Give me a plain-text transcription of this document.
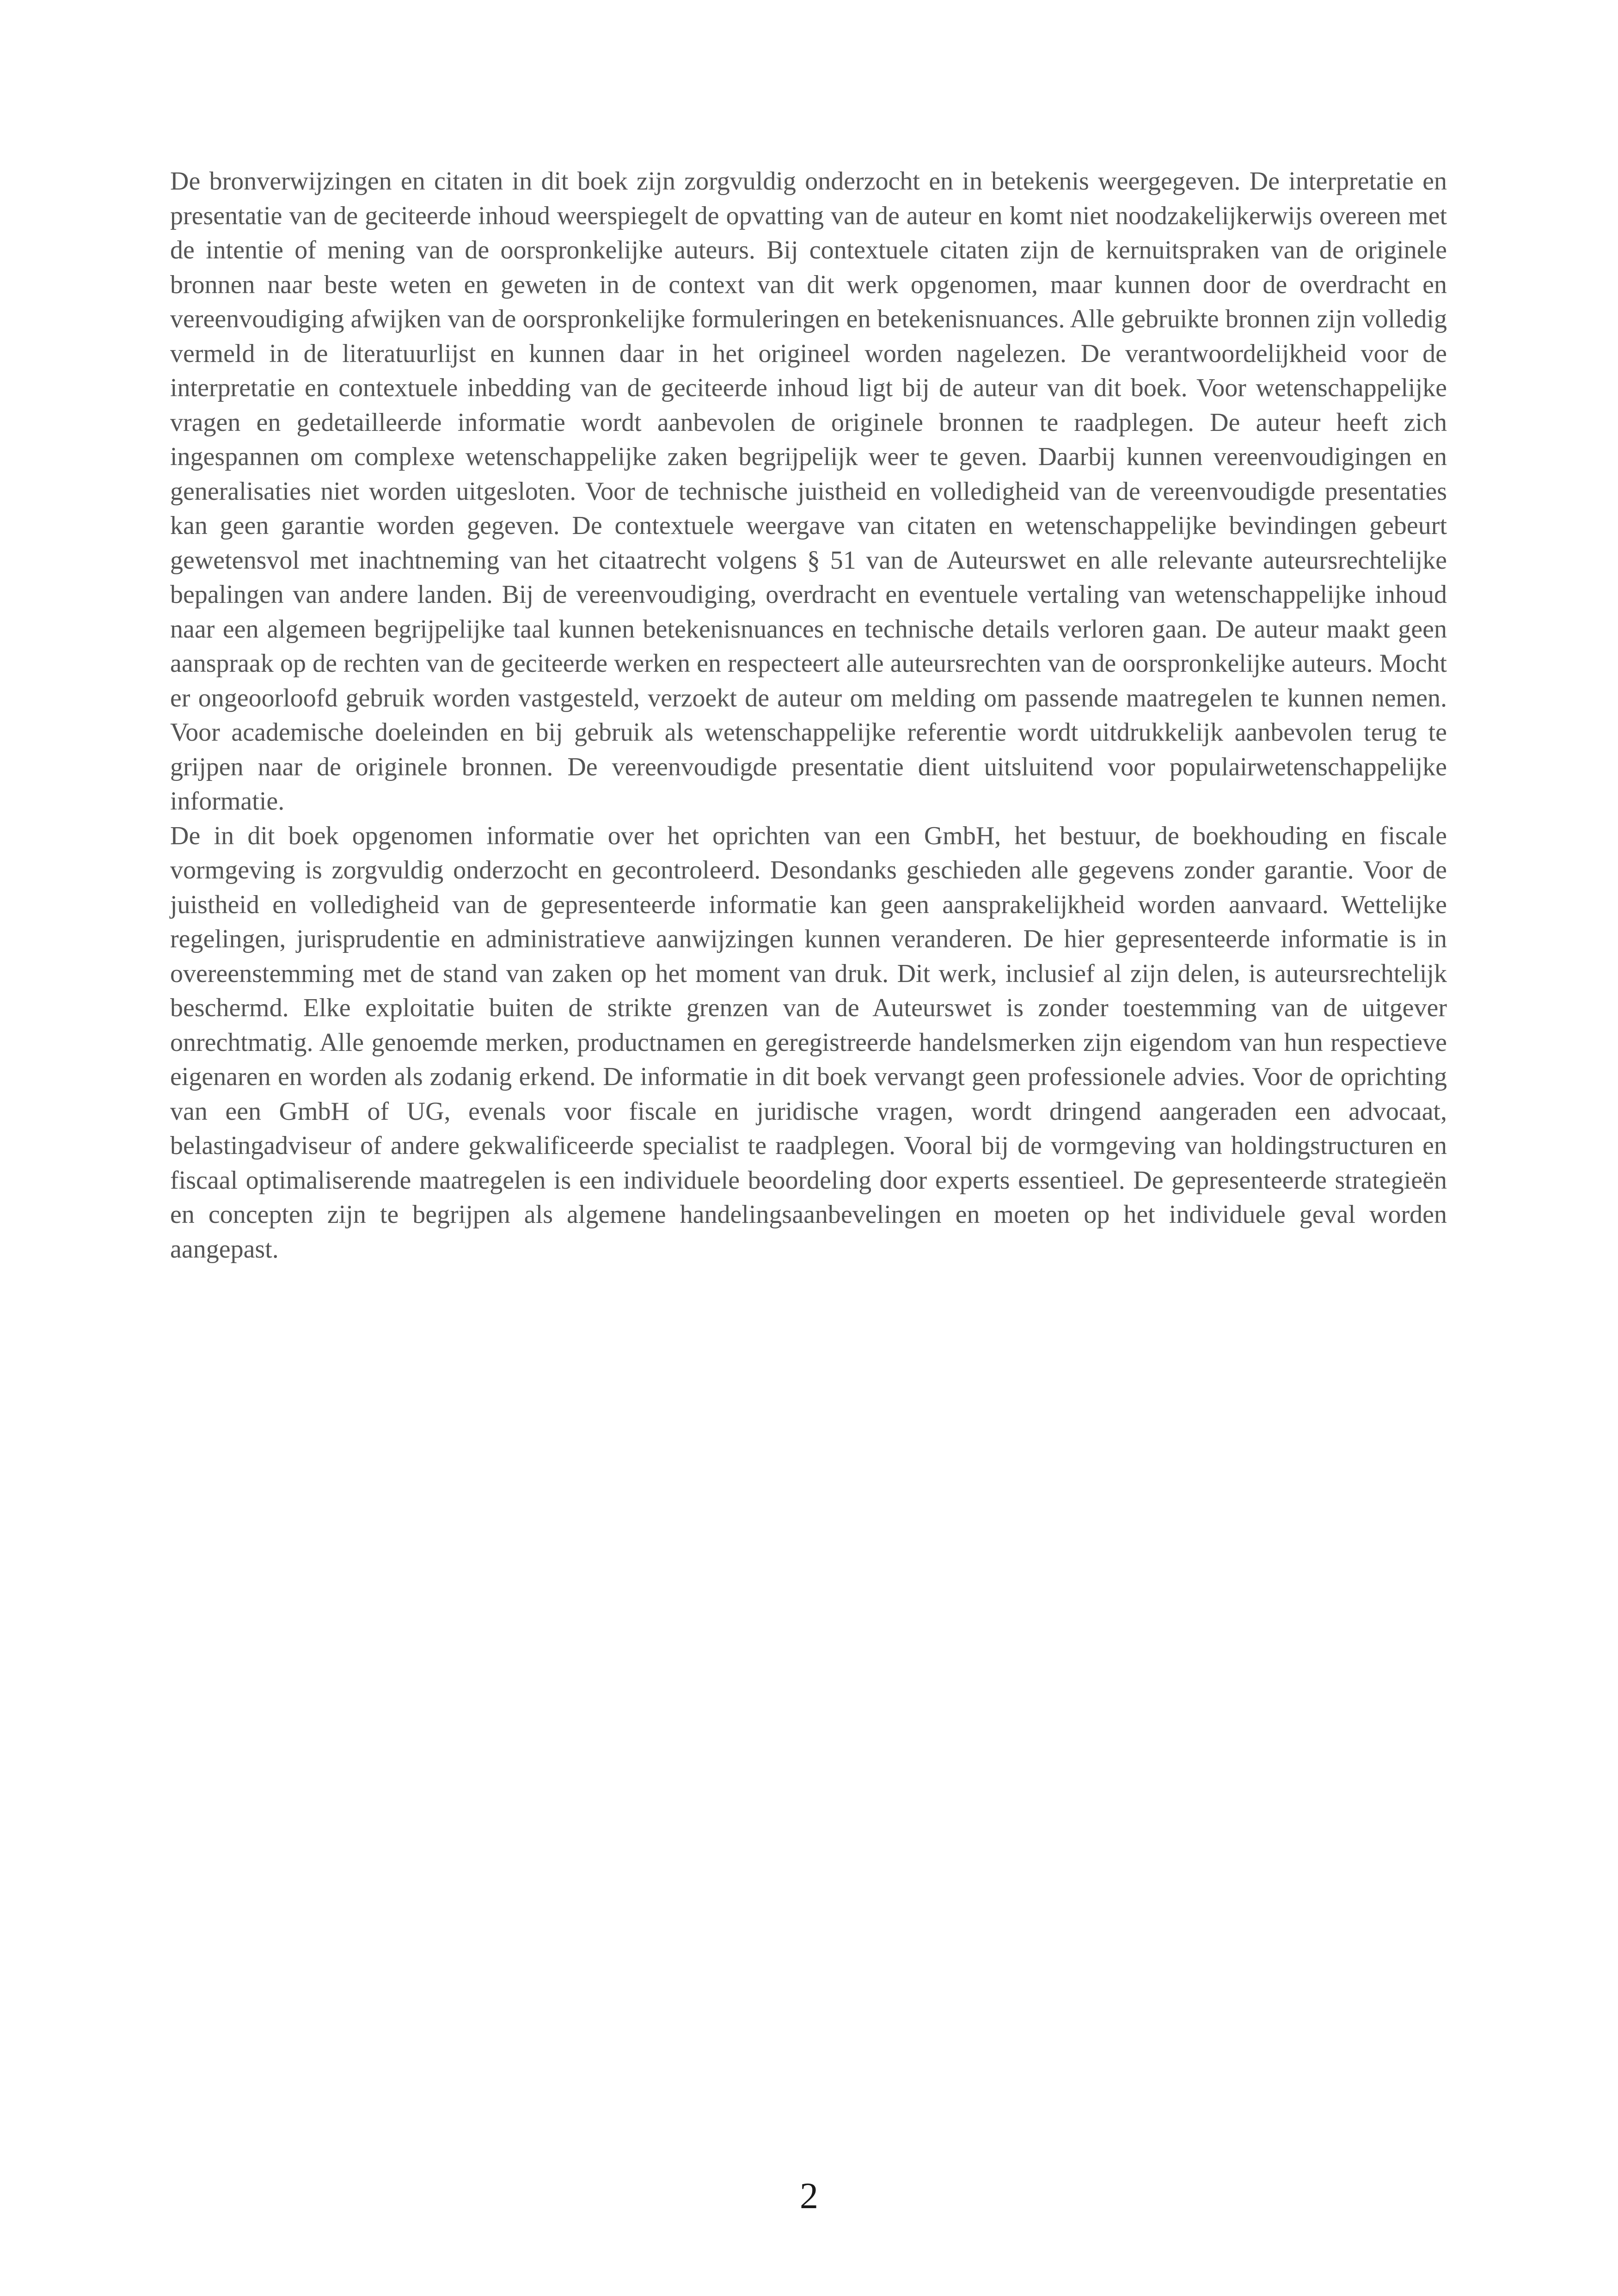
De bronverwijzingen en citaten in dit boek zijn zorgvuldig onderzocht en in betekenis weergegeven. De interpretatie en presentatie van de geciteerde inhoud weerspiegelt de opvatting van de auteur en komt niet noodzakelijkerwijs overeen met de intentie of mening van de oorspronkelijke auteurs. Bij contextuele citaten zijn de kernuitspraken van de originele bronnen naar beste weten en geweten in de context van dit werk opgenomen, maar kunnen door de overdracht en vereenvoudiging afwijken van de oorspronkelijke formuleringen en betekenisnuances. Alle gebruikte bronnen zijn volledig vermeld in de literatuurlijst en kunnen daar in het origineel worden nagelezen. De verantwoordelijkheid voor de interpretatie en contextuele inbedding van de geciteerde inhoud ligt bij de auteur van dit boek. Voor wetenschappelijke vragen en gedetailleerde informatie wordt aanbevolen de originele bronnen te raadplegen. De auteur heeft zich ingespannen om complexe wetenschappelijke zaken begrijpelijk weer te geven. Daarbij kunnen vereenvoudigingen en generalisaties niet worden uitgesloten. Voor de technische juistheid en volledigheid van de vereenvoudigde presentaties kan geen garantie worden gegeven. De contextuele weergave van citaten en wetenschappelijke bevindingen gebeurt gewetensvol met inachtneming van het citaatrecht volgens § 51 van de Auteurswet en alle relevante auteursrechtelijke bepalingen van andere landen. Bij de vereenvoudiging, overdracht en eventuele vertaling van wetenschappelijke inhoud naar een algemeen begrijpelijke taal kunnen betekenisnuances en technische details verloren gaan. De auteur maakt geen aanspraak op de rechten van de geciteerde werken en respecteert alle auteursrechten van de oorspronkelijke auteurs. Mocht er ongeoorloofd gebruik worden vastgesteld, verzoekt de auteur om melding om passende maatregelen te kunnen nemen. Voor academische doeleinden en bij gebruik als wetenschappelijke referentie wordt uitdrukkelijk aanbevolen terug te grijpen naar de originele bronnen. De vereenvoudigde presentatie dient uitsluitend voor populairwetenschappelijke informatie.

De in dit boek opgenomen informatie over het oprichten van een GmbH, het bestuur, de boekhouding en fiscale vormgeving is zorgvuldig onderzocht en gecontroleerd. Desondanks geschieden alle gegevens zonder garantie. Voor de juistheid en volledigheid van de gepresenteerde informatie kan geen aansprakelijkheid worden aanvaard. Wettelijke regelingen, jurisprudentie en administratieve aanwijzingen kunnen veranderen. De hier gepresenteerde informatie is in overeenstemming met de stand van zaken op het moment van druk. Dit werk, inclusief al zijn delen, is auteursrechtelijk beschermd. Elke exploitatie buiten de strikte grenzen van de Auteurswet is zonder toestemming van de uitgever onrechtmatig. Alle genoemde merken, productnamen en geregistreerde handelsmerken zijn eigendom van hun respectieve eigenaren en worden als zodanig erkend. De informatie in dit boek vervangt geen professionele advies. Voor de oprichting van een GmbH of UG, evenals voor fiscale en juridische vragen, wordt dringend aangeraden een advocaat, belastingadviseur of andere gekwalificeerde specialist te raadplegen. Vooral bij de vormgeving van holdingstructuren en fiscaal optimaliserende maatregelen is een individuele beoordeling door experts essentieel. De gepresenteerde strategieën en concepten zijn te begrijpen als algemene handelingsaanbevelingen en moeten op het individuele geval worden aangepast.

2
